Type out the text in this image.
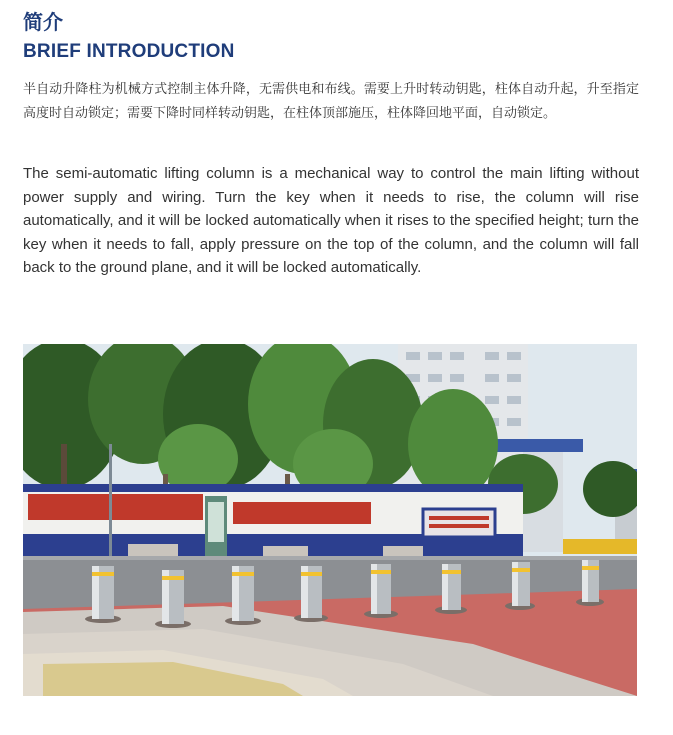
简介
BRIEF INTRODUCTION

半自动升降柱为机械方式控制主体升降，无需供电和布线。需要上升时转动钥匙，柱体自动升起，升至指定高度时自动锁定；需要下降时同样转动钥匙，在柱体顶部施压，柱体降回地平面，自动锁定。

The semi-automatic lifting column is a mechanical way to control the main lifting without power supply and wiring. Turn the key when it needs to rise, the column will rise automatically, and it will be locked automatically when it rises to the specified height; turn the key when it needs to fall, apply pressure on the top of the column, and the column will fall back to the ground plane, and it will be locked automatically.
